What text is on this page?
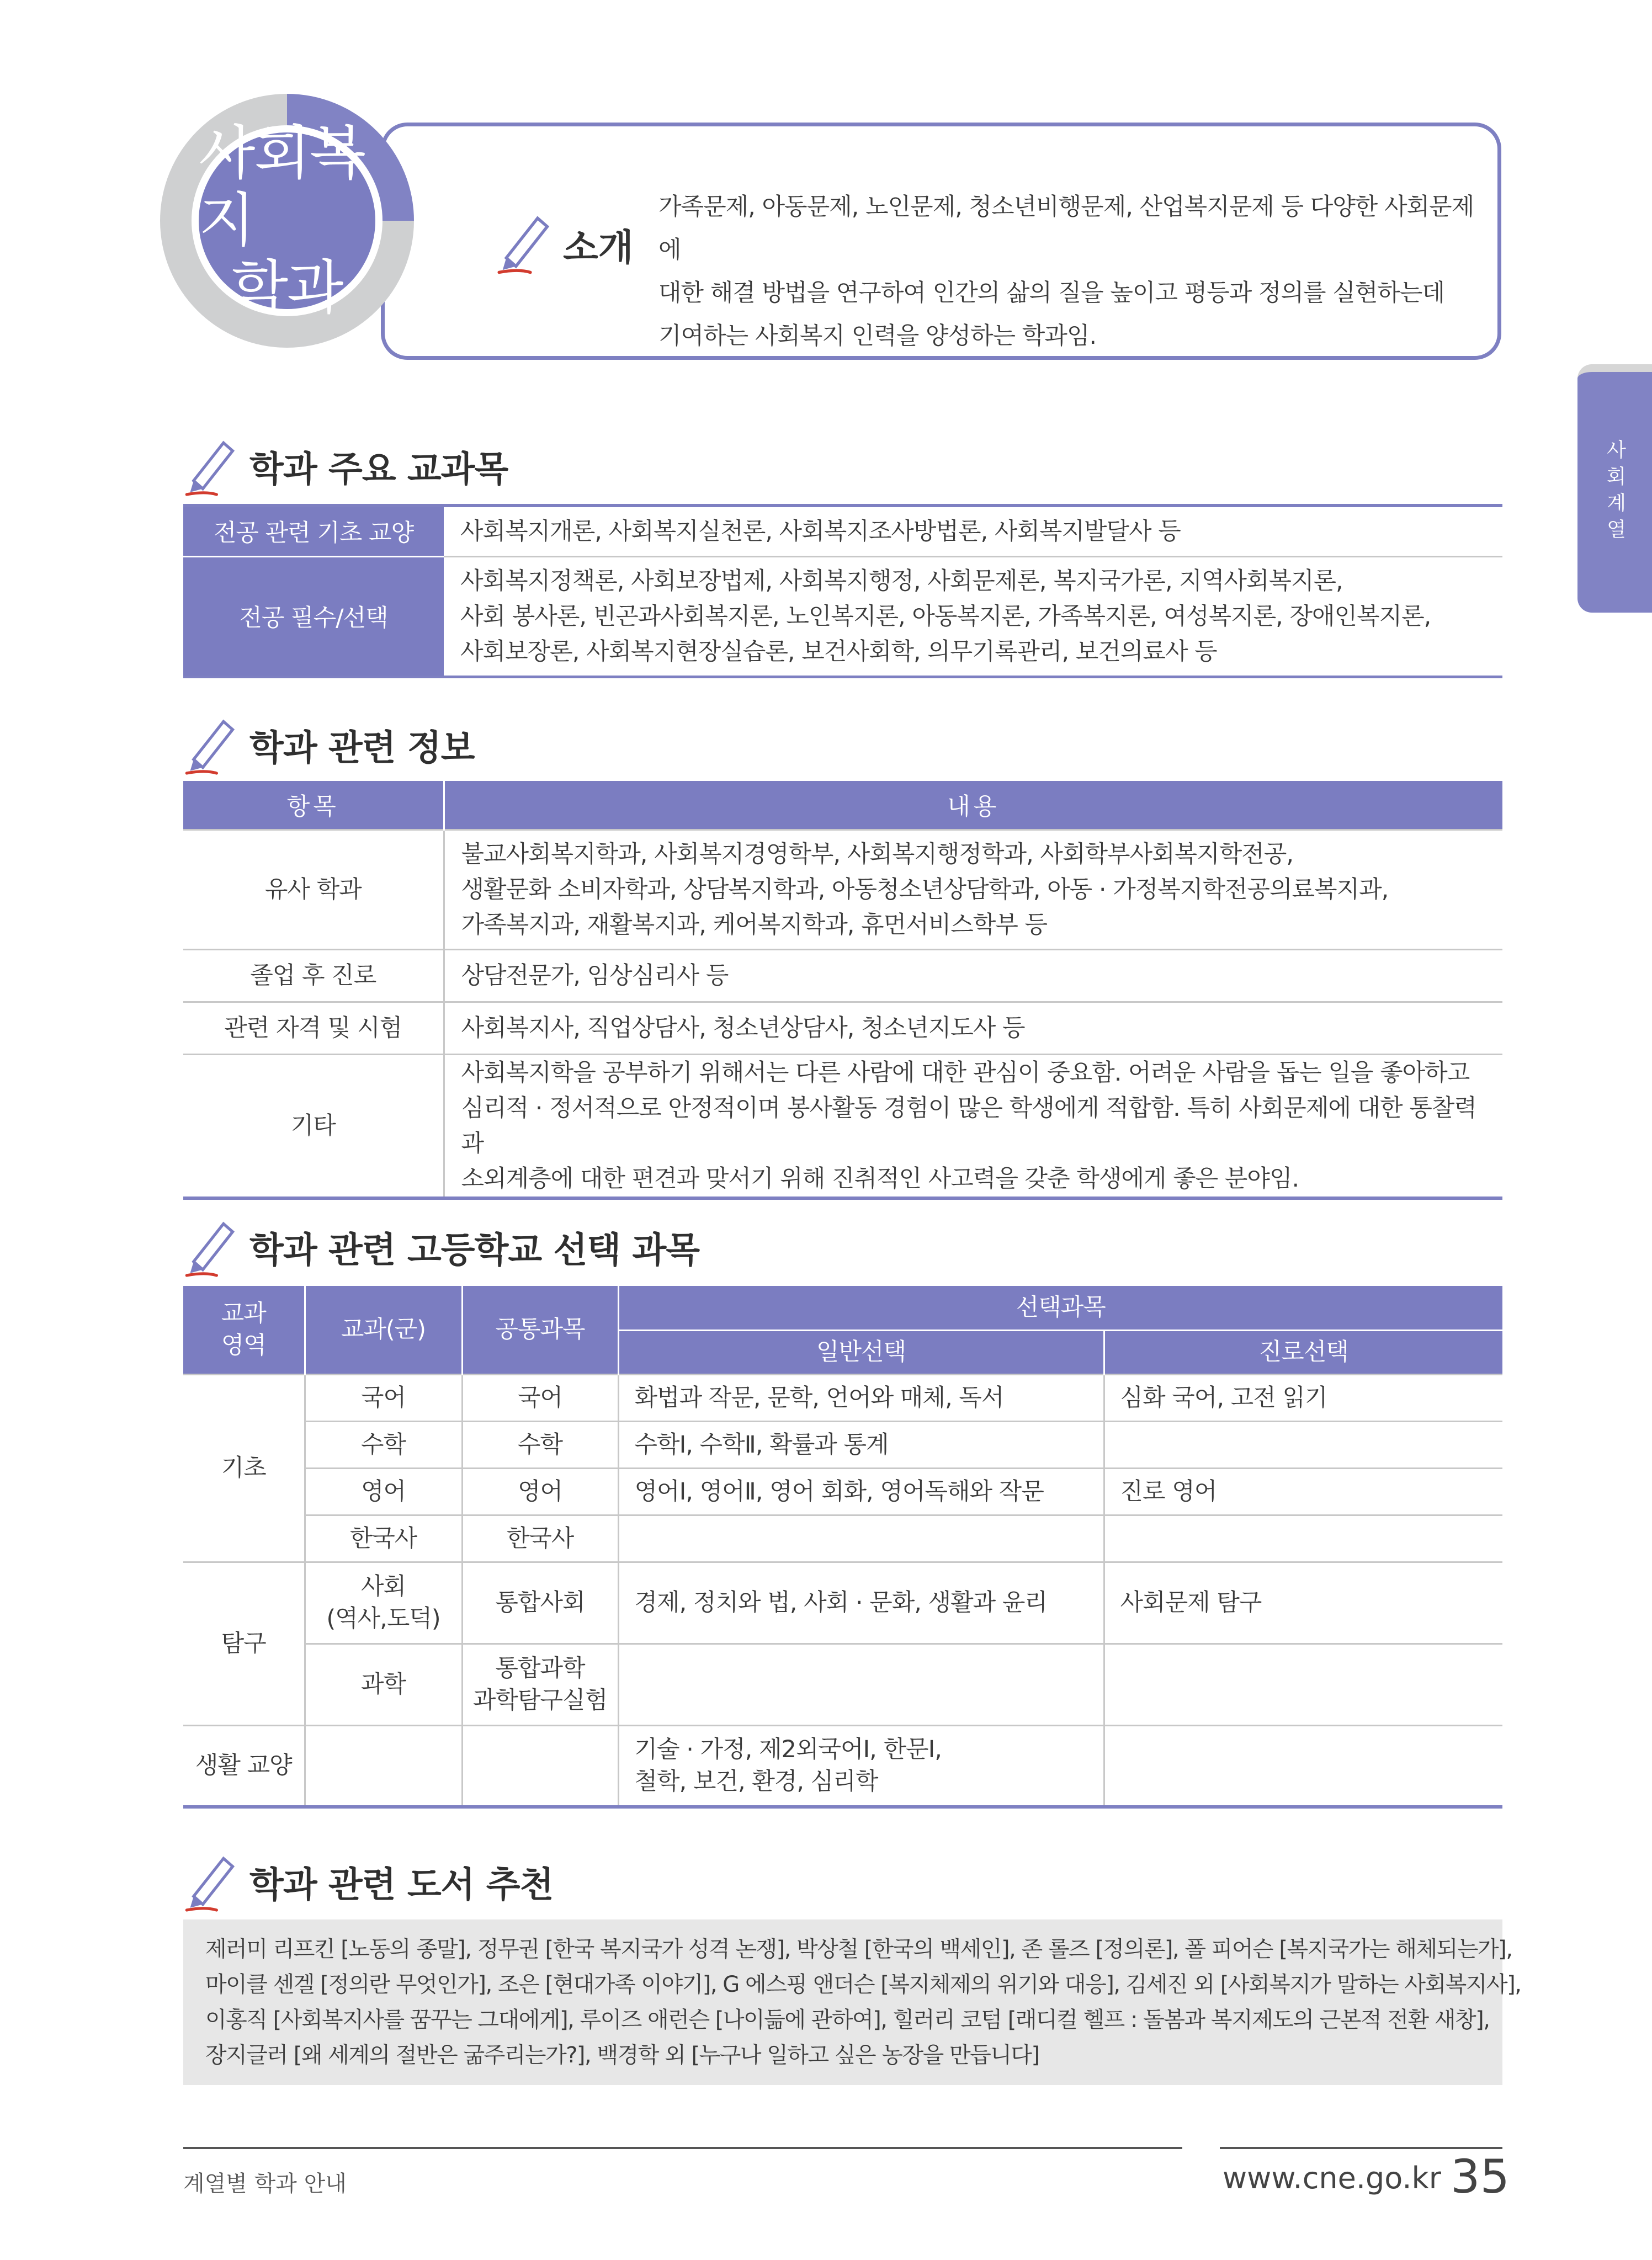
사회복지
학과
소개
가족문제, 아동문제, 노인문제, 청소년비행문제, 산업복지문제 등 다양한 사회문제에
대한 해결 방법을 연구하여 인간의 삶의 질을 높이고 평등과 정의를 실현하는데
기여하는 사회복지 인력을 양성하는 학과임.
사회계열
학과 주요 교과목
전공 관련 기초 교양	사회복지개론, 사회복지실천론, 사회복지조사방법론, 사회복지발달사 등

전공 필수/선택	사회복지정책론, 사회보장법제, 사회복지행정, 사회문제론, 복지국가론, 지역사회복지론,
사회 봉사론, 빈곤과사회복지론, 노인복지론, 아동복지론, 가족복지론, 여성복지론, 장애인복지론,
사회보장론, 사회복지현장실습론, 보건사회학, 의무기록관리, 보건의료사 등
학과 관련 정보
항목	내용
유사 학과	불교사회복지학과, 사회복지경영학부, 사회복지행정학과, 사회학부사회복지학전공,
생활문화 소비자학과, 상담복지학과, 아동청소년상담학과, 아동 · 가정복지학전공의료복지과,
가족복지과, 재활복지과, 케어복지학과, 휴먼서비스학부 등

졸업 후 진로	상담전문가, 임상심리사 등
관련 자격 및 시험	사회복지사, 직업상담사, 청소년상담사, 청소년지도사 등
기타	사회복지학을 공부하기 위해서는 다른 사람에 대한 관심이 중요함. 어려운 사람을 돕는 일을 좋아하고
심리적 · 정서적으로 안정적이며 봉사활동 경험이 많은 학생에게 적합함. 특히 사회문제에 대한 통찰력과
소외계층에 대한 편견과 맞서기 위해 진취적인 사고력을 갖춘 학생에게 좋은 분야임.
학과 관련 고등학교 선택 과목
교과
영역	교과(군)	공통과목	선택과목	
			일반선택	진로선택
기초	국어	국어	화법과 작문, 문학, 언어와 매체, 독서	심화 국어, 고전 읽기
	수학	수학	수학Ⅰ, 수학Ⅱ, 확률과 통계	
	영어	영어	영어Ⅰ, 영어Ⅱ, 영어 회화, 영어독해와 작문	진로 영어
	한국사	한국사		
탐구	사회
(역사,도덕)	통합사회	경제, 정치와 법, 사회 · 문화, 생활과 윤리	사회문제 탐구
	과학	통합과학
과학탐구실험		

생활 교양			기술 · 가정, 제2외국어Ⅰ, 한문Ⅰ,
철학, 보건, 환경, 심리학	

학과 관련 도서 추천

제러미 리프킨 [노동의 종말], 정무권 [한국 복지국가 성격 논쟁], 박상철 [한국의 백세인], 존 롤즈 [정의론], 폴 피어슨 [복지국가는 해체되는가],

마이클 센겔 [정의란 무엇인가], 조은 [현대가족 이야기], G 에스핑 앤더슨 [복지체제의 위기와 대응], 김세진 외 [사회복지가 말하는 사회복지사],

이홍직 [사회복지사를 꿈꾸는 그대에게], 루이즈 애런슨 [나이듦에 관하여], 힐러리 코텀 [래디컬 헬프 : 돌봄과 복지제도의 근본적 전환 새창],

장지글러 [왜 세계의 절반은 굶주리는가?], 백경학 외 [누구나 일하고 싶은 농장을 만듭니다]

계열별 학과 안내	www.cne.go.kr 35
